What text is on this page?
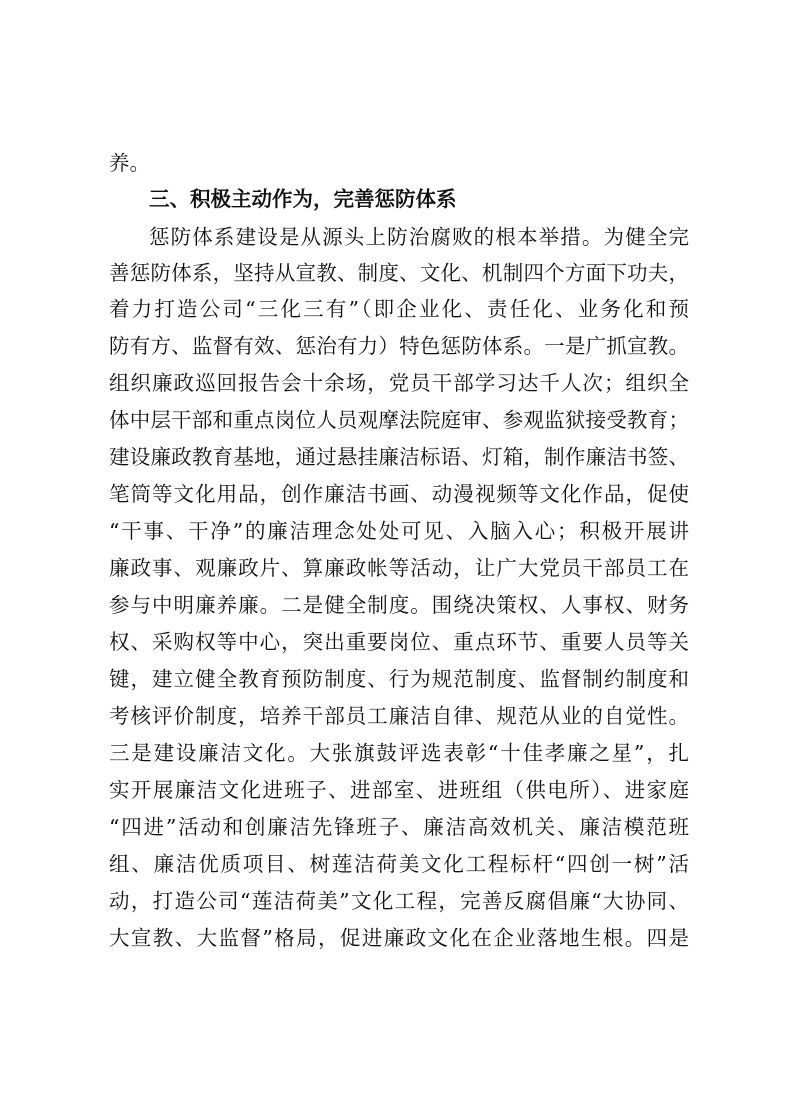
养。
三、积极主动作为，完善惩防体系
惩防体系建设是从源头上防治腐败的根本举措。为健全完
善惩防体系，坚持从宣教、制度、文化、机制四个方面下功夫，
着力打造公司“三化三有”（即企业化、责任化、业务化和预
防有方、监督有效、惩治有力）特色惩防体系。一是广抓宣教。
组织廉政巡回报告会十余场，党员干部学习达千人次；组织全
体中层干部和重点岗位人员观摩法院庭审、参观监狱接受教育；
建设廉政教育基地，通过悬挂廉洁标语、灯箱，制作廉洁书签、
笔筒等文化用品，创作廉洁书画、动漫视频等文化作品，促使
“干事、干净”的廉洁理念处处可见、入脑入心；积极开展讲
廉政事、观廉政片、算廉政帐等活动，让广大党员干部员工在
参与中明廉养廉。二是健全制度。围绕决策权、人事权、财务
权、采购权等中心，突出重要岗位、重点环节、重要人员等关
键，建立健全教育预防制度、行为规范制度、监督制约制度和
考核评价制度，培养干部员工廉洁自律、规范从业的自觉性。
三是建设廉洁文化。大张旗鼓评选表彰“十佳孝廉之星”，扎
实开展廉洁文化进班子、进部室、进班组（供电所）、进家庭
“四进”活动和创廉洁先锋班子、廉洁高效机关、廉洁模范班
组、廉洁优质项目、树莲洁荷美文化工程标杆“四创一树”活
动，打造公司“莲洁荷美”文化工程，完善反腐倡廉“大协同、
大宣教、大监督”格局，促进廉政文化在企业落地生根。四是
